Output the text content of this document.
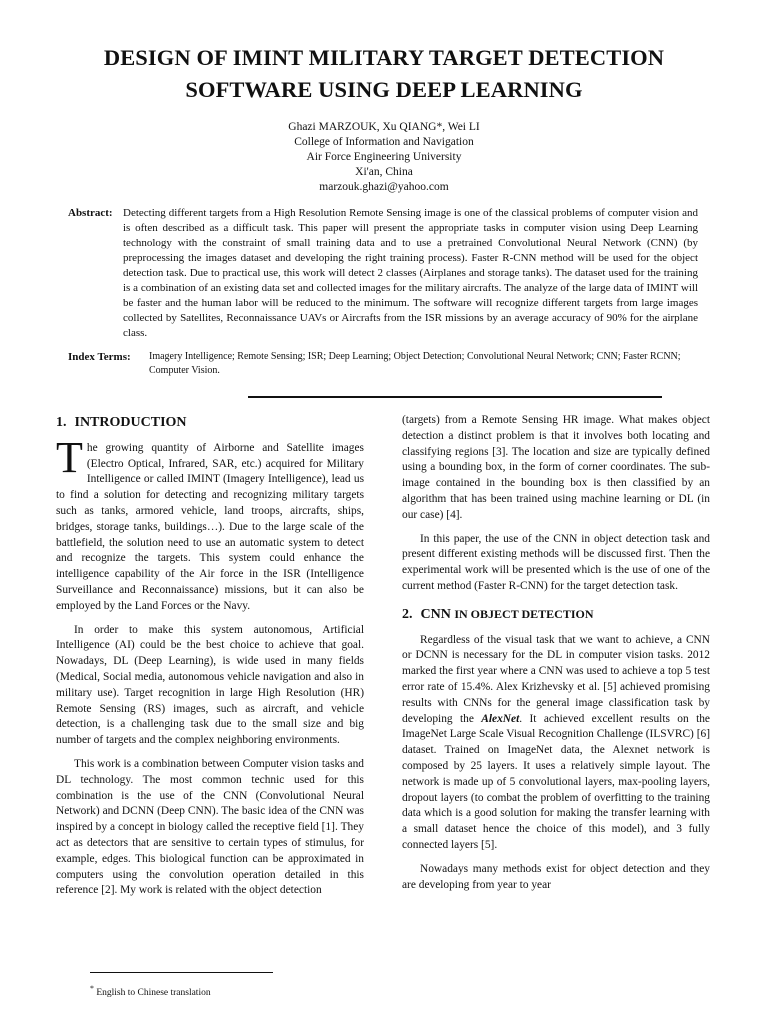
DESIGN OF IMINT MILITARY TARGET DETECTION
SOFTWARE USING DEEP LEARNING
Ghazi MARZOUK, Xu QIANG*, Wei LI
College of Information and Navigation
Air Force Engineering University
Xi'an, China
marzouk.ghazi@yahoo.com
Abstract: Detecting different targets from a High Resolution Remote Sensing image is one of the classical problems of computer vision and is often described as a difficult task. This paper will present the appropriate tasks in computer vision using Deep Learning technology with the constraint of small training data and to use a pretrained Convolutional Neural Network (CNN) (by preprocessing the images dataset and developing the right training process). Faster R-CNN method will be used for the object detection task. Due to practical use, this work will detect 2 classes (Airplanes and storage tanks). The dataset used for the training is a combination of an existing data set and collected images for the military aircrafts. The analyze of the large data of IMINT will be faster and the human labor will be reduced to the minimum. The software will recognize different targets from large images collected by Satellites, Reconnaissance UAVs or Aircrafts from the ISR missions by an average accuracy of 90% for the airplane class.
Index Terms: Imagery Intelligence; Remote Sensing; ISR; Deep Learning; Object Detection; Convolutional Neural Network; CNN; Faster RCNN; Computer Vision.
1. INTRODUCTION

The growing quantity of Airborne and Satellite images (Electro Optical, Infrared, SAR, etc.) acquired for Military Intelligence or called IMINT (Imagery Intelligence), lead us to find a solution for detecting and recognizing military targets such as tanks, armored vehicle, land troops, aircrafts, ships, bridges, storage tanks, buildings…). Due to the large scale of the battlefield, the solution need to use an automatic system to detect and recognize the targets. This system could enhance the intelligence capability of the Air force in the ISR (Intelligence Surveillance and Reconnaissance) missions, but it can also be employed by the Land Forces or the Navy.

In order to make this system autonomous, Artificial Intelligence (AI) could be the best choice to achieve that goal. Nowadays, DL (Deep Learning), is wide used in many fields (Medical, Social media, autonomous vehicle navigation and also in military use). Target recognition in large High Resolution (HR) Remote Sensing (RS) images, such as aircraft, and vehicle detection, is a challenging task due to the small size and big number of targets and the complex neighboring environments.

This work is a combination between Computer vision tasks and DL technology. The most common technic used for this combination is the use of the CNN (Convolutional Neural Network) and DCNN (Deep CNN). The basic idea of the CNN was inspired by a concept in biology called the receptive field [1]. They act as detectors that are sensitive to certain types of stimulus, for example, edges. This biological function can be approximated in computers using the convolution operation detailed in this reference [2]. My work is related with the object detection

(targets) from a Remote Sensing HR image. What makes object detection a distinct problem is that it involves both locating and classifying regions [3]. The location and size are typically defined using a bounding box, in the form of corner coordinates. The sub-image contained in the bounding box is then classified by an algorithm that has been trained using machine learning or DL (in our case) [4].

In this paper, the use of the CNN in object detection task and present different existing methods will be discussed first. Then the experimental work will be presented which is the use of one of the current method (Faster R-CNN) for the target detection task.

2. CNN IN OBJECT DETECTION

Regardless of the visual task that we want to achieve, a CNN or DCNN is necessary for the DL in computer vision tasks. 2012 marked the first year where a CNN was used to achieve a top 5 test error rate of 15.4%. Alex Krizhevsky et al. [5] achieved promising results with CNNs for the general image classification task by developing the AlexNet. It achieved excellent results on the ImageNet Large Scale Visual Recognition Challenge (ILSVRC) [6] dataset. Trained on ImageNet data, the Alexnet network is composed by 25 layers. It uses a relatively simple layout. The network is made up of 5 convolutional layers, max-pooling layers, dropout layers (to combat the problem of overfitting to the training data which is a good solution for making the transfer learning with a small dataset hence the choice of this model), and 3 fully connected layers [5].

Nowadays many methods exist for object detection and they are developing from year to year

* English to Chinese translation
